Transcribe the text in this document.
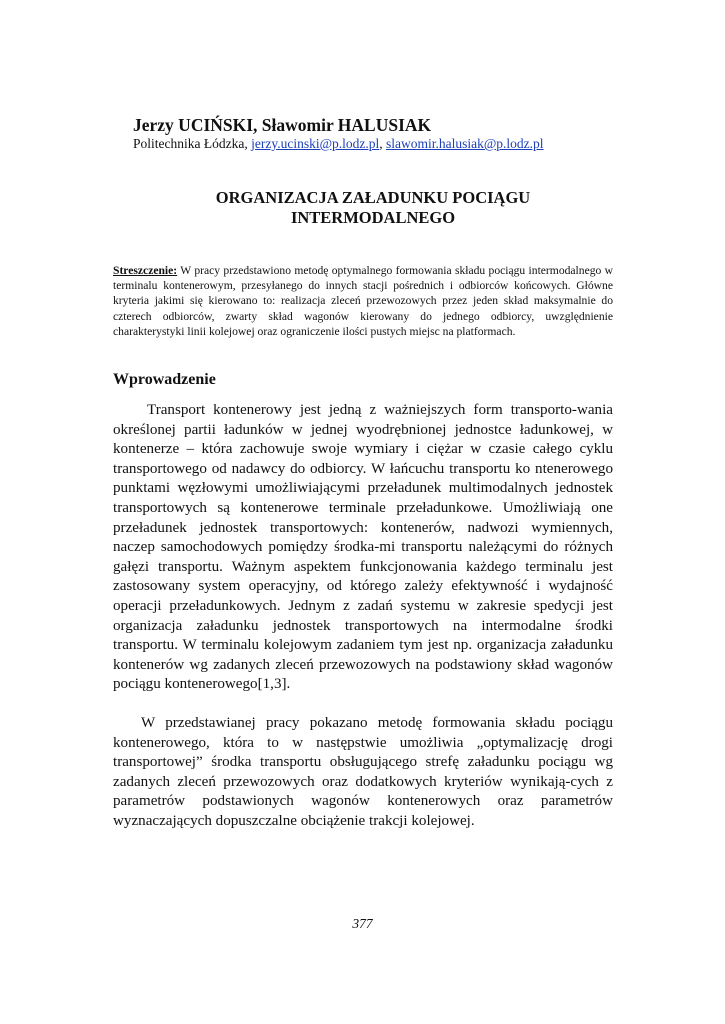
Jerzy UCIŃSKI, Sławomir HALUSIAK
Politechnika Łódzka, jerzy.ucinski@p.lodz.pl, slawomir.halusiak@p.lodz.pl
ORGANIZACJA ZAŁADUNKU POCIĄGU
INTERMODALNEGO
Streszczenie: W pracy przedstawiono metodę optymalnego formowania składu pociągu intermodalnego w terminalu kontenerowym, przesyłanego do innych stacji pośrednich i odbiorców końcowych. Główne kryteria jakimi się kierowano to: realizacja zleceń przewozowych przez jeden skład maksymalnie do czterech odbiorców, zwarty skład wagonów kierowany do jednego odbiorcy, uwzględnienie charakterystyki linii kolejowej oraz ograniczenie ilości pustych miejsc na platformach.
Wprowadzenie
Transport kontenerowy jest jedną z ważniejszych form transporto-wania określonej partii ładunków w jednej wyodrębnionej jednostce ładunkowej, w kontenerze – która zachowuje swoje wymiary i ciężar w czasie całego cyklu transportowego od nadawcy do odbiorcy. W łańcuchu transportu ko ntenerowego punktami węzłowymi umożliwiającymi przeładunek multimodalnych jednostek transportowych są kontenerowe terminale przeładunkowe. Umożliwiają one przeładunek jednostek transportowych: kontenerów, nadwozi wymiennych, naczep samochodowych pomiędzy środka-mi transportu należącymi do różnych gałęzi transportu. Ważnym aspektem funkcjonowania każdego terminalu jest zastosowany system operacyjny, od którego zależy efektywność i wydajność operacji przeładunkowych. Jednym z zadań systemu w zakresie spedycji jest organizacja załadunku jednostek transportowych na intermodalne środki transportu. W terminalu kolejowym zadaniem tym jest np. organizacja załadunku kontenerów wg zadanych zleceń przewozowych na podstawiony skład wagonów pociągu kontenerowego[1,3].
W przedstawianej pracy pokazano metodę formowania składu pociągu kontenerowego, która to w następstwie umożliwia „optymalizację drogi transportowej” środka transportu obsługującego strefę załadunku pociągu wg zadanych zleceń przewozowych oraz dodatkowych kryteriów wynikają-cych z parametrów podstawionych wagonów kontenerowych oraz parametrów wyznaczających dopuszczalne obciążenie trakcji kolejowej.
377
